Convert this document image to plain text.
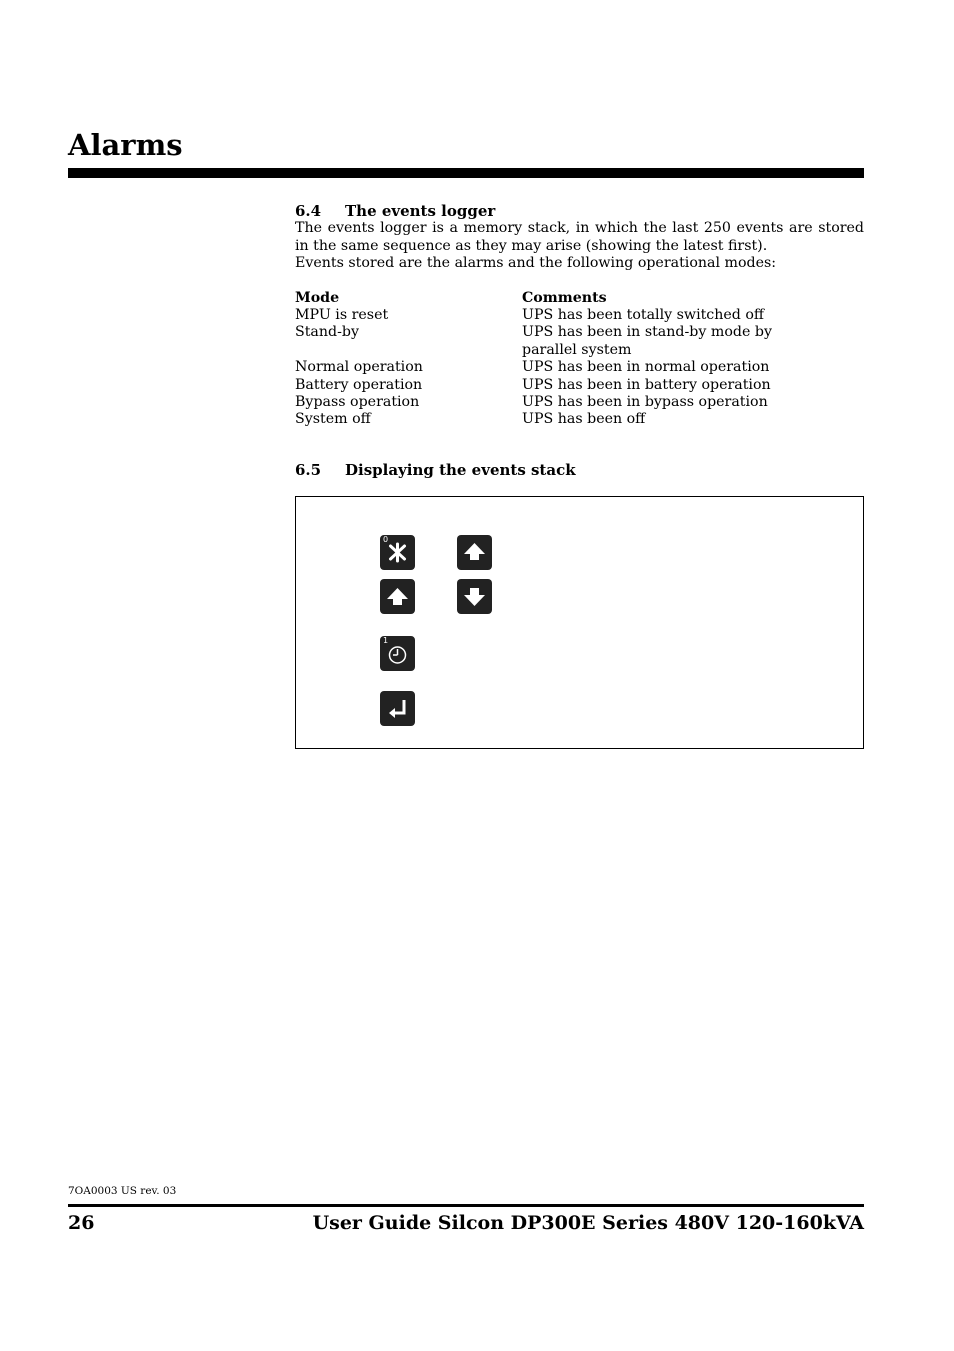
Alarms
6.4	The events logger

The events logger is a memory stack, in which the last 250 events are stored in the same sequence as they may arise (showing the latest first).

Events stored are the alarms and the following operational modes:

Mode	Comments
MPU is reset	UPS has been totally switched off
Stand-by	UPS has been in stand-by mode by parallel system
Normal operation	UPS has been in normal operation
Battery operation	UPS has been in battery operation
Bypass operation	UPS has been in bypass operation
System off	UPS has been off
6.5	Displaying the events stack
0
1
7OA0003 US rev. 03
26	User Guide Silcon DP300E Series 480V 120-160kVA
